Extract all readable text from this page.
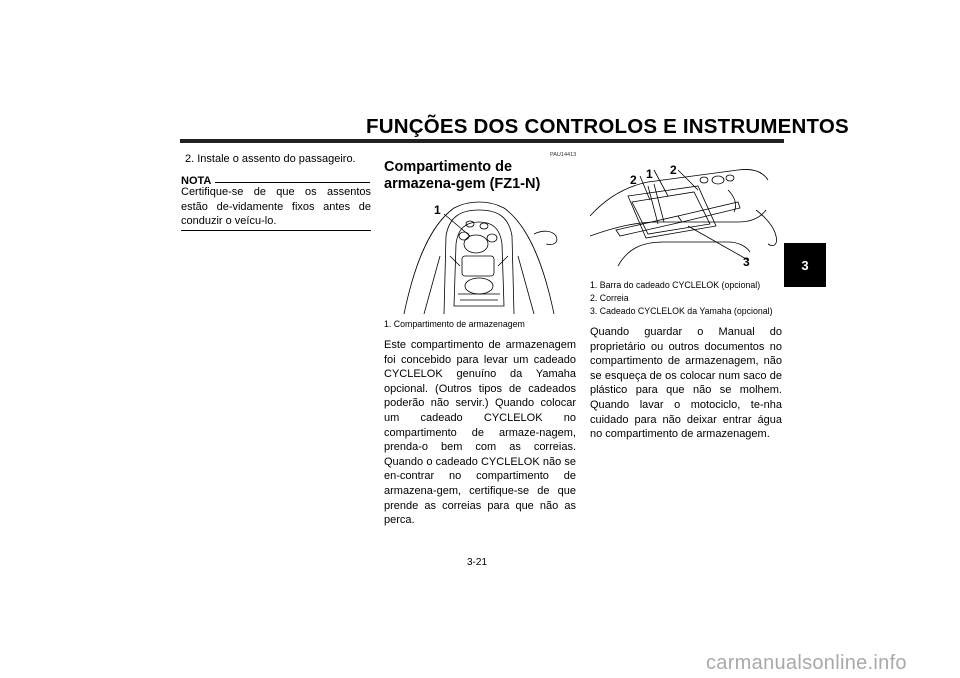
FUNÇÕES DOS CONTROLOS E INSTRUMENTOS
3
2. Instale o assento do passageiro.
NOTA
Certifique-se de que os assentos estão de-vidamente fixos antes de conduzir o veícu-lo.
PAU14413
Compartimento de armazena-gem (FZ1-N)
1
1. Compartimento de armazenagem
Este compartimento de armazenagem foi concebido para levar um cadeado CYCLELOK genuíno da Yamaha opcional. (Outros tipos de cadeados poderão não servir.) Quando colocar um cadeado CYCLELOK no compartimento de armaze-nagem, prenda-o bem com as correias. Quando o cadeado CYCLELOK não se en-contrar no compartimento de armazena-gem, certifique-se de que prende as correias para que não as perca.
2 1 2
3
1. Barra do cadeado CYCLELOK (opcional)
2. Correia
3. Cadeado CYCLELOK da Yamaha (opcional)
Quando guardar o Manual do proprietário ou outros documentos no compartimento de armazenagem, não se esqueça de os colocar num saco de plástico para que não se molhem. Quando lavar o motociclo, te-nha cuidado para não deixar entrar água no compartimento de armazenagem.
3-21
carmanualsonline.info
